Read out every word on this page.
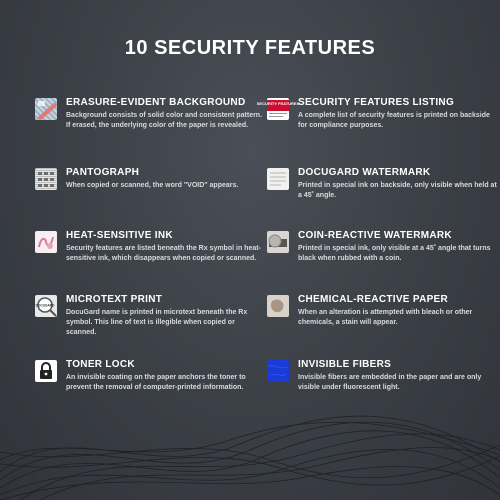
10 SECURITY FEATURES
ERASURE-EVIDENT BACKGROUND
Background consists of solid color and consistent pattern. If erased, the underlying color of the paper is revealed.
SECURITY FEATURES
SECURITY FEATURES LISTING
A complete list of security features is printed on backside for compliance purposes.
PANTOGRAPH
When copied or scanned, the word "VOID" appears.
DOCUGARD WATERMARK
Printed in special ink on backside, only visible when held at a 45˚ angle.
HEAT-SENSITIVE INK
Security features are listed beneath the Rx symbol in heat-sensitive ink, which disappears when copied or scanned.
COIN-REACTIVE WATERMARK
Printed in special ink, only visible at a 45˚ angle that turns black when rubbed with a coin.
DOCUGARD
MICROTEXT PRINT
DocuGard name is printed in microtext beneath the Rx symbol. This line of text is illegible when copied or scanned.
CHEMICAL-REACTIVE PAPER
When an alteration is attempted with bleach or other chemicals, a stain will appear.
TONER LOCK
An invisible coating on the paper anchors the toner to prevent the removal of computer-printed information.
INVISIBLE FIBERS
Invisible fibers are embedded in the paper and are only visible under fluorescent light.
